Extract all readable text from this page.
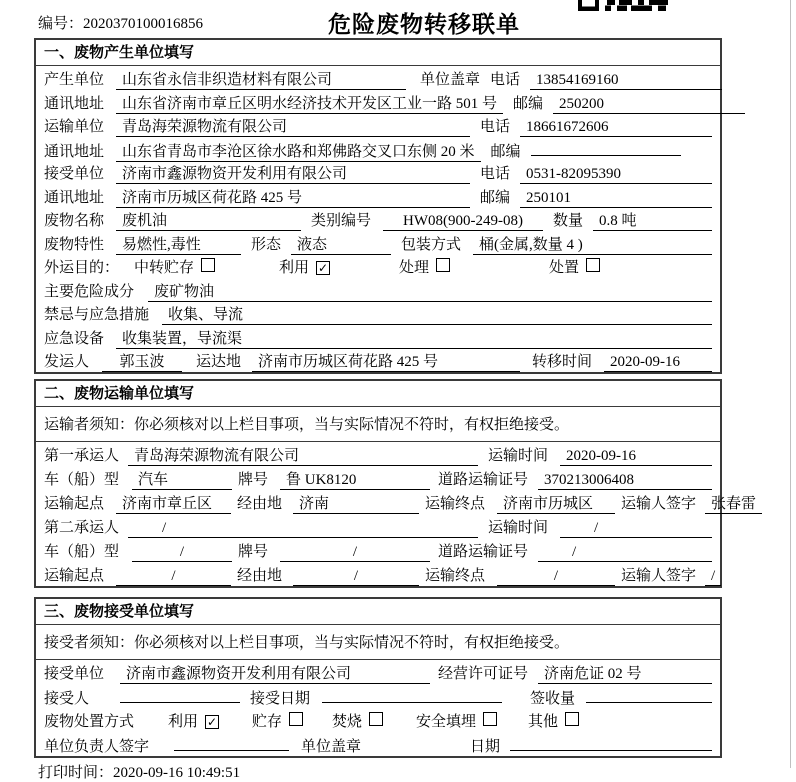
编号：2020370100016856	危险废物转移联单
一、废物产生单位填写
产生单位	山东省永信非织造材料有限公司	单位盖章 电话	13854169160
通讯地址	山东省济南市章丘区明水经济技术开发区工业一路 501 号	邮编	250200
运输单位	青岛海荣源物流有限公司	电话	18661672606
通讯地址	山东省青岛市李沧区徐水路和郑佛路交叉口东侧 20 米	邮编
接受单位	济南市鑫源物资开发利用有限公司	电话	0531-82095390
通讯地址	济南市历城区荷花路 425 号	邮编	250101
废物名称	废机油	类别编号	HW08(900-249-08)	数量	0.8 吨
废物特性	易燃性,毒性	形态	液态	包装方式	桶(金属,数量 4 )
外运目的： 中转贮存	利用 ✓	处理	处置
主要危险成分	废矿物油
禁忌与应急措施	收集、导流
应急设备	收集装置，导流渠
发运人	郭玉波	运达地	济南市历城区荷花路 425 号	转移时间	2020-09-16
二、废物运输单位填写
运输者须知：你必须核对以上栏目事项，当与实际情况不符时，有权拒绝接受。
第一承运人 青岛海荣源物流有限公司	运输时间	2020-09-16
车（船）型	汽车	牌号	鲁 UK8120	道路运输证号	370213006408
运输起点	济南市章丘区	经由地	济南	运输终点	济南市历城区	运输人签字 张春雷
第二承运人	/	运输时间	/
车（船）型	/	牌号	/	道路运输证号	/
运输起点	/	经由地	/	运输终点	/	运输人签字 /
三、废物接受单位填写
接受者须知：你必须核对以上栏目事项，当与实际情况不符时，有权拒绝接受。
接受单位	济南市鑫源物资开发利用有限公司	经营许可证号	济南危证 02 号
接受人	接受日期	签收量
废物处置方式	利用 ✓ 贮存	焚烧	安全填埋	其他
单位负责人签字	单位盖章	日期
打印时间：2020-09-16 10:49:51
